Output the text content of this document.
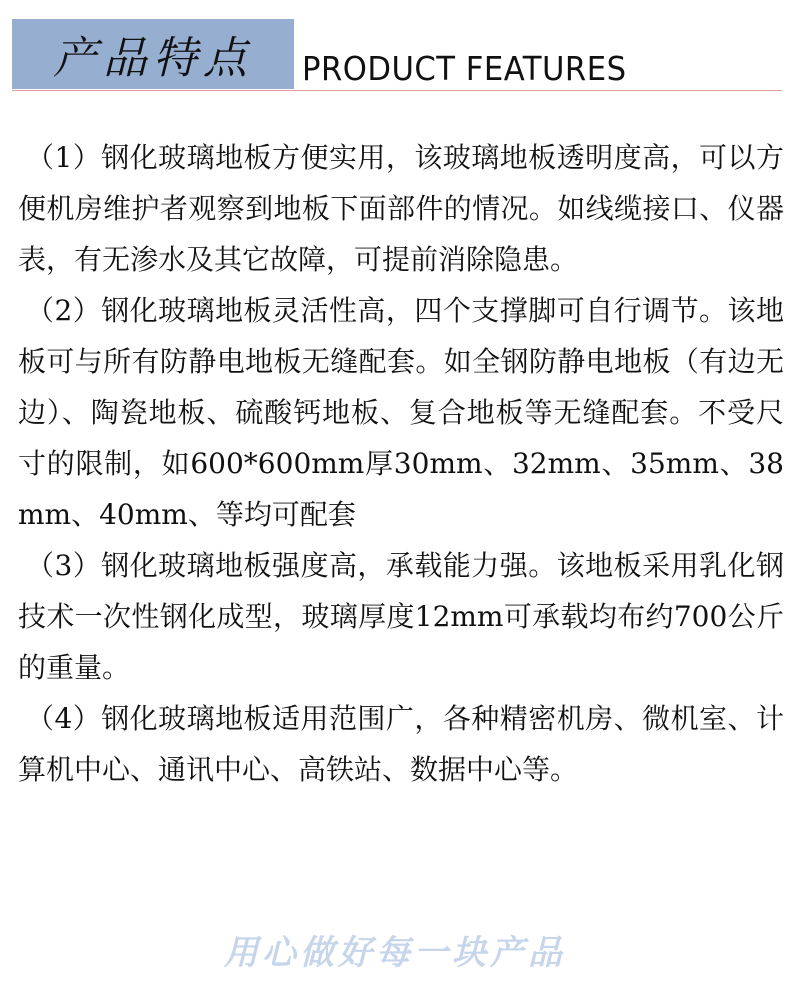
产品特点 PRODUCT FEATURES
（1）钢化玻璃地板方便实用，该玻璃地板透明度高，可以方便机房维护者观察到地板下面部件的情况。如线缆接口、仪器表，有无渗水及其它故障，可提前消除隐患。
（2）钢化玻璃地板灵活性高，四个支撑脚可自行调节。该地板可与所有防静电地板无缝配套。如全钢防静电地板（有边无边）、陶瓷地板、硫酸钙地板、复合地板等无缝配套。不受尺寸的限制，如600*600mm厚30mm、32mm、35mm、38mm、40mm、等均可配套
（3）钢化玻璃地板强度高，承载能力强。该地板采用乳化钢技术一次性钢化成型，玻璃厚度12mm可承载均布约700公斤的重量。
（4）钢化玻璃地板适用范围广，各种精密机房、微机室、计算机中心、通讯中心、高铁站、数据中心等。
用心做好每一块产品
